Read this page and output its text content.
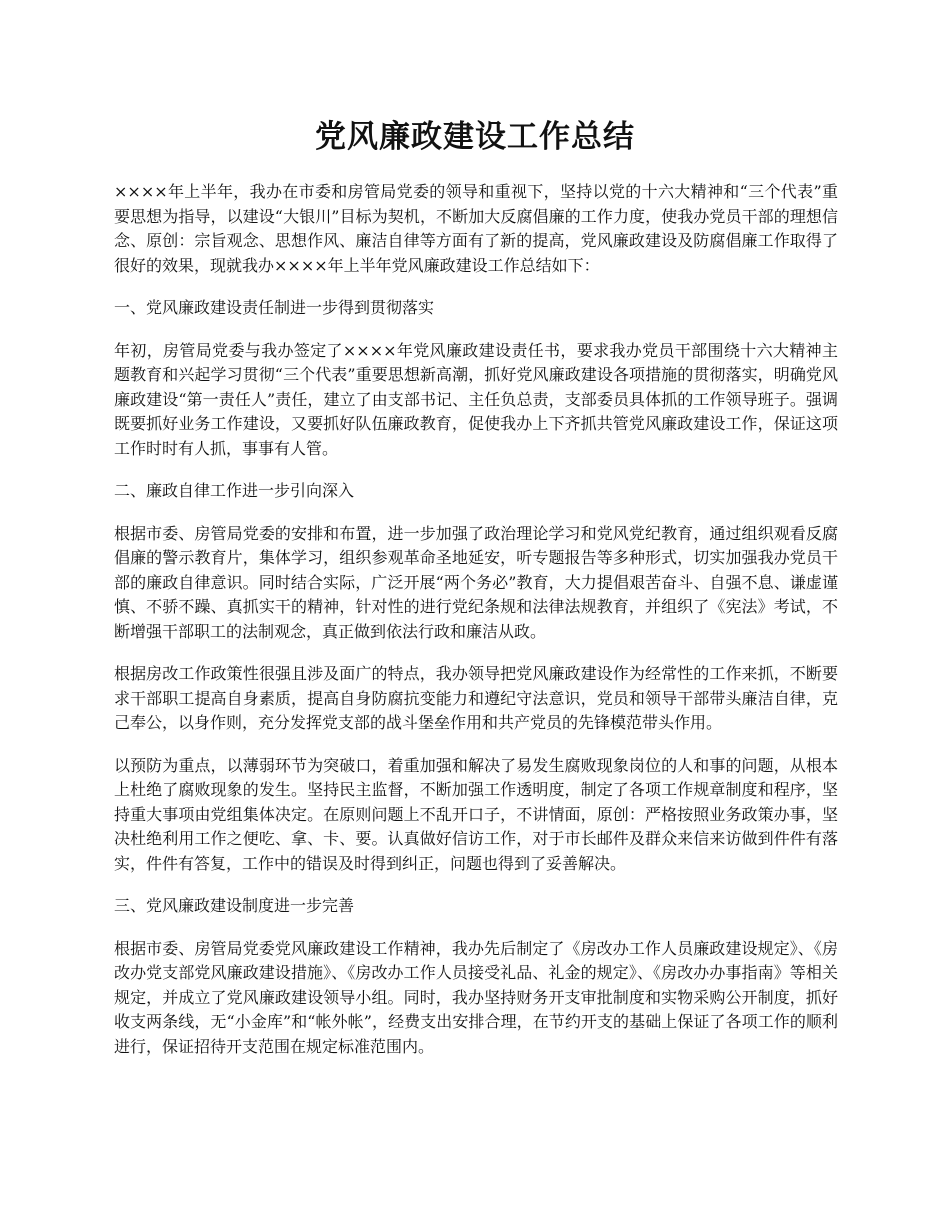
党风廉政建设工作总结

××××年上半年，我办在市委和房管局党委的领导和重视下，坚持以党的十六大精神和“三个代表”重要思想为指导，以建设“大银川”目标为契机，不断加大反腐倡廉的工作力度，使我办党员干部的理想信念、原创：宗旨观念、思想作风、廉洁自律等方面有了新的提高，党风廉政建设及防腐倡廉工作取得了很好的效果，现就我办××××年上半年党风廉政建设工作总结如下：

一、党风廉政建设责任制进一步得到贯彻落实

年初，房管局党委与我办签定了××××年党风廉政建设责任书，要求我办党员干部围绕十六大精神主题教育和兴起学习贯彻“三个代表”重要思想新高潮，抓好党风廉政建设各项措施的贯彻落实，明确党风廉政建设“第一责任人”责任，建立了由支部书记、主任负总责，支部委员具体抓的工作领导班子。强调既要抓好业务工作建设，又要抓好队伍廉政教育，促使我办上下齐抓共管党风廉政建设工作，保证这项工作时时有人抓，事事有人管。

二、廉政自律工作进一步引向深入

根据市委、房管局党委的安排和布置，进一步加强了政治理论学习和党风党纪教育，通过组织观看反腐倡廉的警示教育片，集体学习，组织参观革命圣地延安，听专题报告等多种形式，切实加强我办党员干部的廉政自律意识。同时结合实际，广泛开展“两个务必”教育，大力提倡艰苦奋斗、自强不息、谦虚谨慎、不骄不躁、真抓实干的精神，针对性的进行党纪条规和法律法规教育，并组织了《宪法》考试，不断增强干部职工的法制观念，真正做到依法行政和廉洁从政。

根据房改工作政策性很强且涉及面广的特点，我办领导把党风廉政建设作为经常性的工作来抓，不断要求干部职工提高自身素质，提高自身防腐抗变能力和遵纪守法意识，党员和领导干部带头廉洁自律，克己奉公，以身作则，充分发挥党支部的战斗堡垒作用和共产党员的先锋模范带头作用。

以预防为重点，以薄弱环节为突破口，着重加强和解决了易发生腐败现象岗位的人和事的问题，从根本上杜绝了腐败现象的发生。坚持民主监督，不断加强工作透明度，制定了各项工作规章制度和程序，坚持重大事项由党组集体决定。在原则问题上不乱开口子，不讲情面，原创：严格按照业务政策办事，坚决杜绝利用工作之便吃、拿、卡、要。认真做好信访工作，对于市长邮件及群众来信来访做到件件有落实，件件有答复，工作中的错误及时得到纠正，问题也得到了妥善解决。

三、党风廉政建设制度进一步完善

根据市委、房管局党委党风廉政建设工作精神，我办先后制定了《房改办工作人员廉政建设规定》、《房改办党支部党风廉政建设措施》、《房改办工作人员接受礼品、礼金的规定》、《房改办办事指南》等相关规定，并成立了党风廉政建设领导小组。同时，我办坚持财务开支审批制度和实物采购公开制度，抓好收支两条线，无“小金库”和“帐外帐”，经费支出安排合理，在节约开支的基础上保证了各项工作的顺利进行，保证招待开支范围在规定标准范围内。
